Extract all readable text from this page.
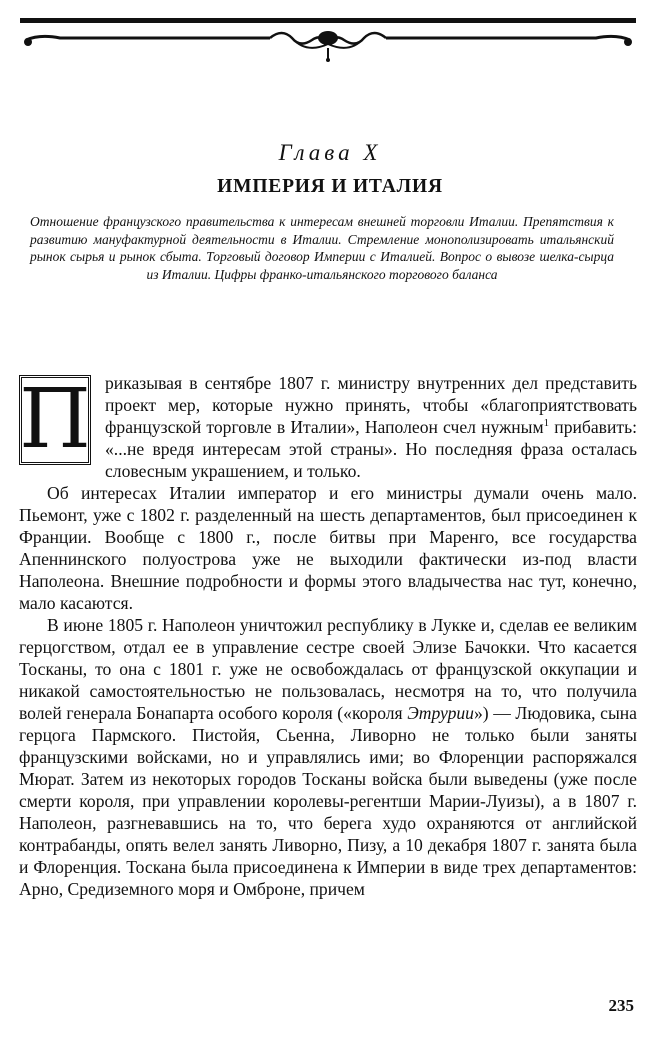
Глава X
ИМПЕРИЯ И ИТАЛИЯ

Отношение французского правительства к интересам внешней торговли Италии. Препятствия к развитию мануфактурной деятельности в Италии. Стремление монополизировать итальянский рынок сырья и рынок сбыта. Торговый договор Империи с Италией. Вопрос о вывозе шелка-сырца из Италии. Цифры франко-итальянского торгового баланса

П риказывая в сентябре 1807 г. министру внутренних дел представить проект мер, которые нужно принять, чтобы «благоприятствовать французской торговле в Италии», Наполеон счел нужным$^1$ прибавить: «...не вредя интересам этой страны». Но последняя фраза осталась словесным украшением, и только.

Об интересах Италии император и его министры думали очень мало. Пьемонт, уже с 1802 г. разделенный на шесть департаментов, был присоединен к Франции. Вообще с 1800 г., после битвы при Маренго, все государства Апеннинского полуострова уже не выходили фактически из-под власти Наполеона. Внешние подробности и формы этого владычества нас тут, конечно, мало касаются.

В июне 1805 г. Наполеон уничтожил республику в Лукке и, сделав ее великим герцогством, отдал ее в управление сестре своей Элизе Бачокки. Что касается Тосканы, то она с 1801 г. уже не освобождалась от французской оккупации и никакой самостоятельностью не пользовалась, несмотря на то, что получила волей генерала Бонапарта особого короля («короля Этрурии») — Людовика, сына герцога Пармского. Пистойя, Сьенна, Ливорно не только были заняты французскими войсками, но и управлялись ими; во Флоренции распоряжался Мюрат. Затем из некоторых городов Тосканы войска были выведены (уже после смерти короля, при управлении королевы-регентши Марии-Луизы), а в 1807 г. Наполеон, разгневавшись на то, что берега худо охраняются от английской контрабанды, опять велел занять Ливорно, Пизу, а 10 декабря 1807 г. занята была и Флоренция. Тоскана была присоединена к Империи в виде трех департаментов: Арно, Средиземного моря и Омброне, причем

235
